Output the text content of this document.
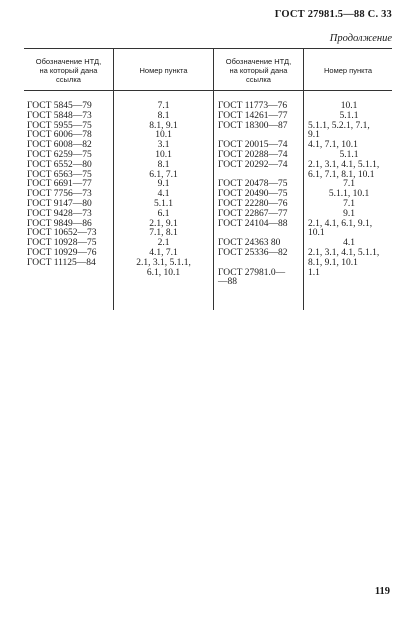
ГОСТ 27981.5—88 С. 33
Продолжение
Обозначение НТД,
на который дана
ссылка
Номер пункта
Обозначение НТД,
на который дана
ссылка
Номер пункта
ГОСТ 5845—79
ГОСТ 5848—73
ГОСТ 5955—75
ГОСТ 6006—78
ГОСТ 6008—82
ГОСТ 6259—75
ГОСТ 6552—80
ГОСТ 6563—75
ГОСТ 6691—77
ГОСТ 7756—73
ГОСТ 9147—80
ГОСТ 9428—73
ГОСТ 9849—86
ГОСТ 10652—73
ГОСТ 10928—75
ГОСТ 10929—76
ГОСТ 11125—84

7.1
8.1
8.1, 9.1
10.1
3.1
10.1
8.1
6.1, 7.1
9.1
4.1
5.1.1
6.1
2.1, 9.1
7.1, 8.1
2.1
4.1, 7.1
2.1, 3.1, 5.1.1,
6.1, 10.1
ГОСТ 11773—76
ГОСТ 14261—77
ГОСТ 18300—87

ГОСТ 20015—74
ГОСТ 20288—74
ГОСТ 20292—74

ГОСТ 20478—75
ГОСТ 20490—75
ГОСТ 22280—76
ГОСТ 22867—77
ГОСТ 24104—88

ГОСТ 24363 80
ГОСТ 25336—82

ГОСТ 27981.0—
—88
10.1
5.1.1
5.1.1, 5.2.1, 7.1,
9.1
4.1, 7.1, 10.1
5.1.1
2.1, 3.1, 4.1, 5.1.1,
6.1, 7.1, 8.1, 10.1
7.1
5.1.1, 10.1
7.1
9.1
2.1, 4.1, 6.1, 9.1,
10.1
4.1
2.1, 3.1, 4.1, 5.1.1,
8.1, 9.1, 10.1
1.1

119
